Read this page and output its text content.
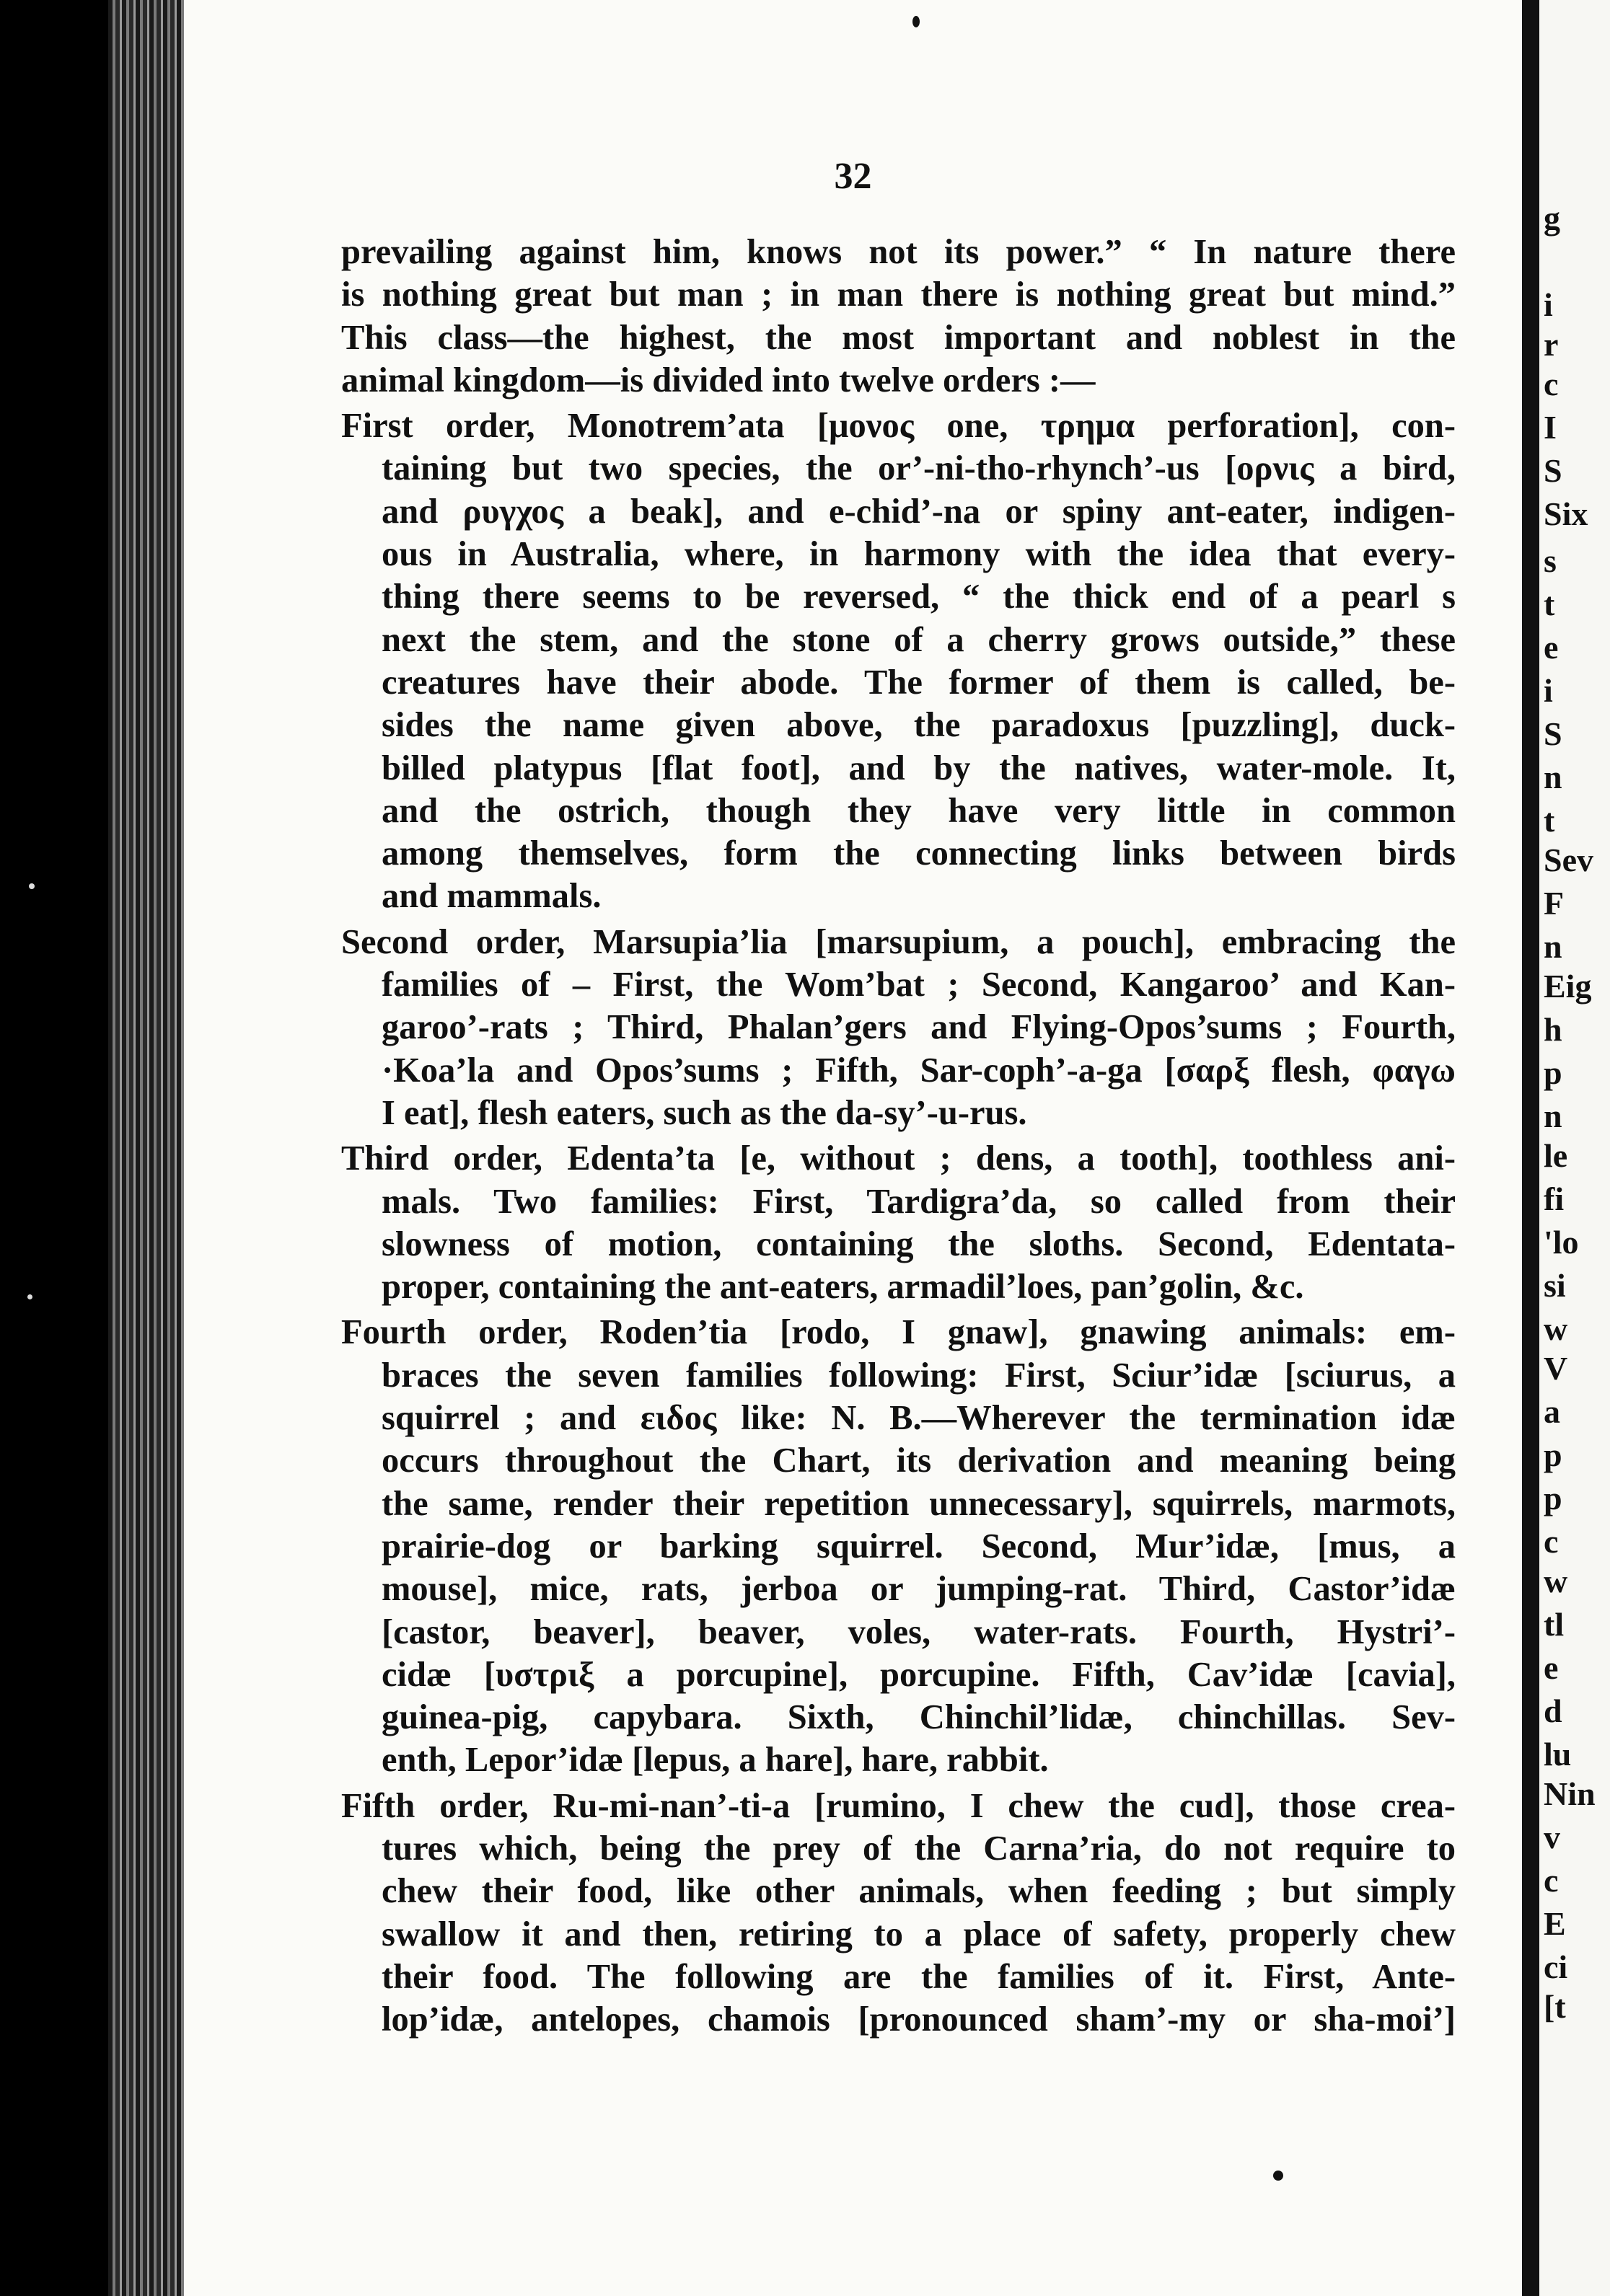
32
prevailing against him, knows not its power.” “ In nature there
is nothing great but man ; in man there is nothing great but mind.”
This class—the highest, the most important and noblest in the
animal kingdom—is divided into twelve orders :—
First order, Monotrem’ata [μονος one, τρημα perforation], con-
taining but two species, the or’-ni-tho-rhynch’-us [ορνις a bird,
and ρυγχος a beak], and e-chid’-na or spiny ant-eater, indigen-
ous in Australia, where, in harmony with the idea that every-
thing there seems to be reversed, “ the thick end of a pearl s
next the stem, and the stone of a cherry grows outside,” these
creatures have their abode. The former of them is called, be-
sides the name given above, the paradoxus [puzzling], duck-
billed platypus [flat foot], and by the natives, water-mole. It,
and the ostrich, though they have very little in common
among themselves, form the connecting links between birds
and mammals.
Second order, Marsupia’lia [marsupium, a pouch], embracing the
families of – First, the Wom’bat ; Second, Kangaroo’ and Kan-
garoo’-rats ; Third, Phalan’gers and Flying-Opos’sums ; Fourth,
·Koa’la and Opos’sums ; Fifth, Sar-coph’-a-ga [σαρξ flesh, φαγω
I eat], flesh eaters, such as the da-sy’-u-rus.
Third order, Edenta’ta [e, without ; dens, a tooth], toothless ani-
mals. Two families: First, Tardigra’da, so called from their
slowness of motion, containing the sloths. Second, Edentata-
proper, containing the ant-eaters, armadil’loes, pan’golin, &c.
Fourth order, Roden’tia [rodo, I gnaw], gnawing animals: em-
braces the seven families following: First, Sciur’idæ [sciurus, a
squirrel ; and ειδος like: N. B.—Wherever the termination idæ
occurs throughout the Chart, its derivation and meaning being
the same, render their repetition unnecessary], squirrels, marmots,
prairie-dog or barking squirrel. Second, Mur’idæ, [mus, a
mouse], mice, rats, jerboa or jumping-rat. Third, Castor’idæ
[castor, beaver], beaver, voles, water-rats. Fourth, Hystri’-
cidæ [υστριξ a porcupine], porcupine. Fifth, Cav’idæ [cavia],
guinea-pig, capybara. Sixth, Chinchil’lidæ, chinchillas. Sev-
enth, Lepor’idæ [lepus, a hare], hare, rabbit.
Fifth order, Ru-mi-nan’-ti-a [rumino, I chew the cud], those crea-
tures which, being the prey of the Carna’ria, do not require to
chew their food, like other animals, when feeding ; but simply
swallow it and then, retiring to a place of safety, properly chew
their food. The following are the families of it. First, Ante-
lop’idæ, antelopes, chamois [pronounced sham’-my or sha-moi’]
g
i
r
c
I
S
Six
s
t
e
i
S
n
t
Sev
F
n
Eig
h
p
n
le
fi
'lo
si
w
V
a
p
p
c
w
tl
e
d
lu
Nin
v
c
E
ci
[t
